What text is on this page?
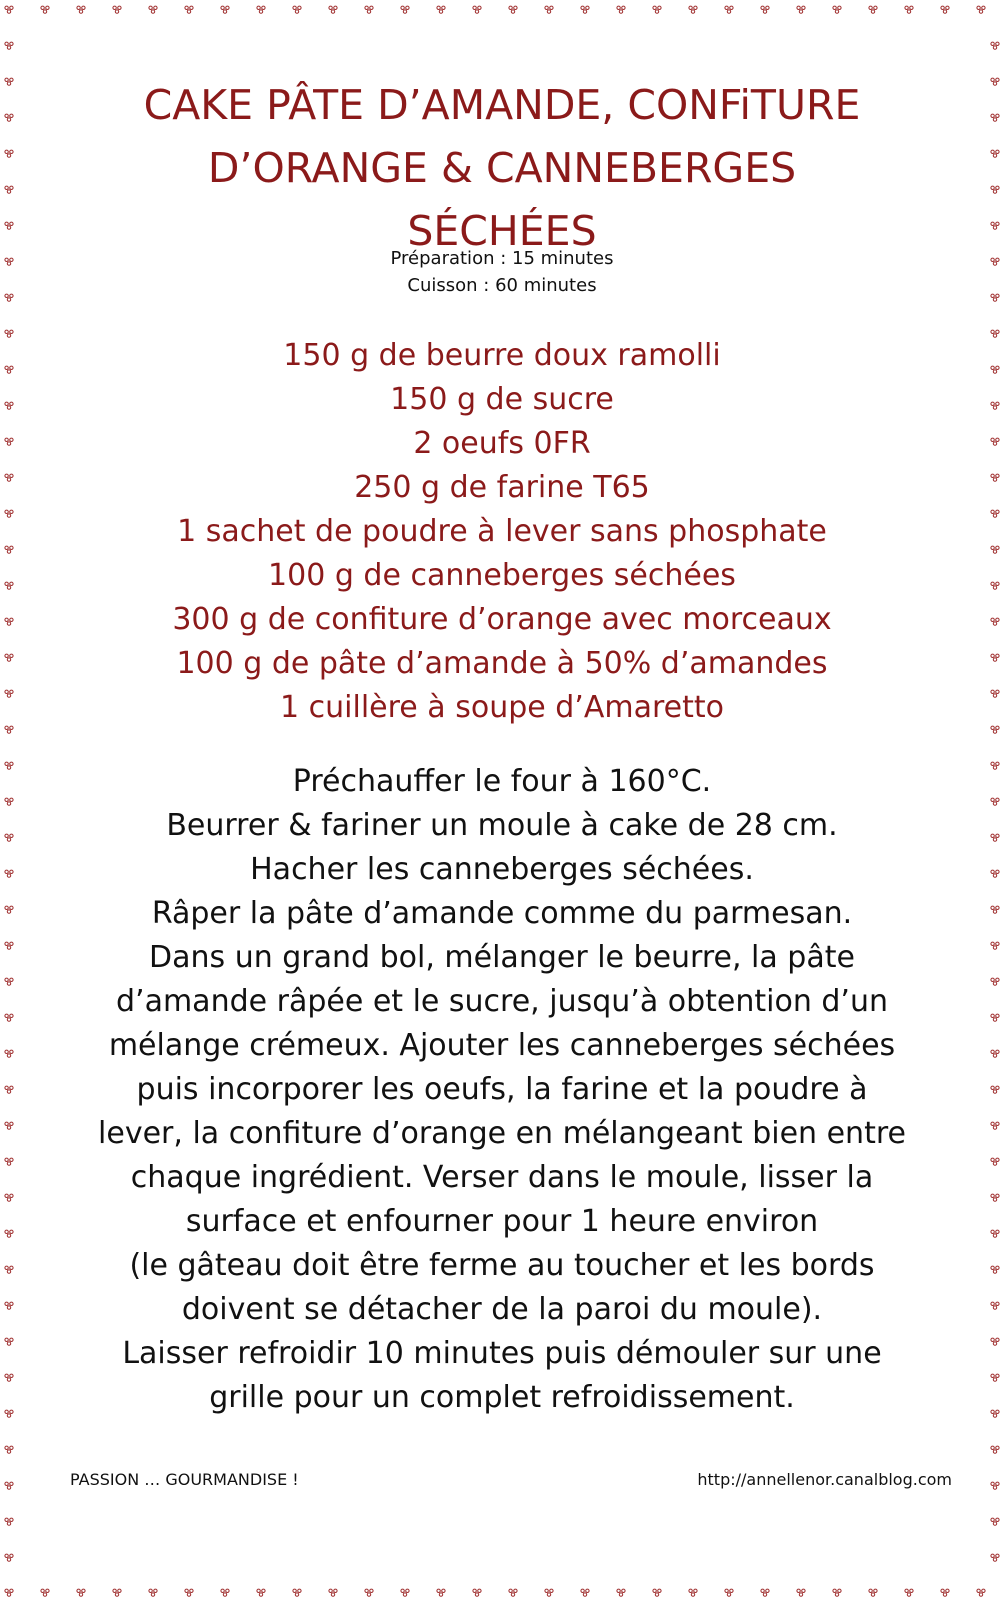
CAKE PÂTE D’AMANDE, CONFiTURE
D’ORANGE & CANNEBERGES
SÉCHÉES
Préparation : 15 minutes
Cuisson : 60 minutes
150 g de beurre doux ramolli
150 g de sucre
2 oeufs 0FR
250 g de farine T65
1 sachet de poudre à lever sans phosphate
100 g de canneberges séchées
300 g de confiture d’orange avec morceaux
100 g de pâte d’amande à 50% d’amandes
1 cuillère à soupe d’Amaretto
Préchauffer le four à 160°C.
Beurrer & fariner un moule à cake de 28 cm.
Hacher les canneberges séchées.
Râper la pâte d’amande comme du parmesan.
Dans un grand bol, mélanger le beurre, la pâte
d’amande râpée et le sucre, jusqu’à obtention d’un
mélange crémeux. Ajouter les canneberges séchées
puis incorporer les oeufs, la farine et la poudre à
lever, la confiture d’orange en mélangeant bien entre
chaque ingrédient. Verser dans le moule, lisser la
surface et enfourner pour 1 heure environ
(le gâteau doit être ferme au toucher et les bords
doivent se détacher de la paroi du moule).
Laisser refroidir 10 minutes puis démouler sur une
grille pour un complet refroidissement.
PASSION … GOURMANDISE !	http://annellenor.canalblog.com
